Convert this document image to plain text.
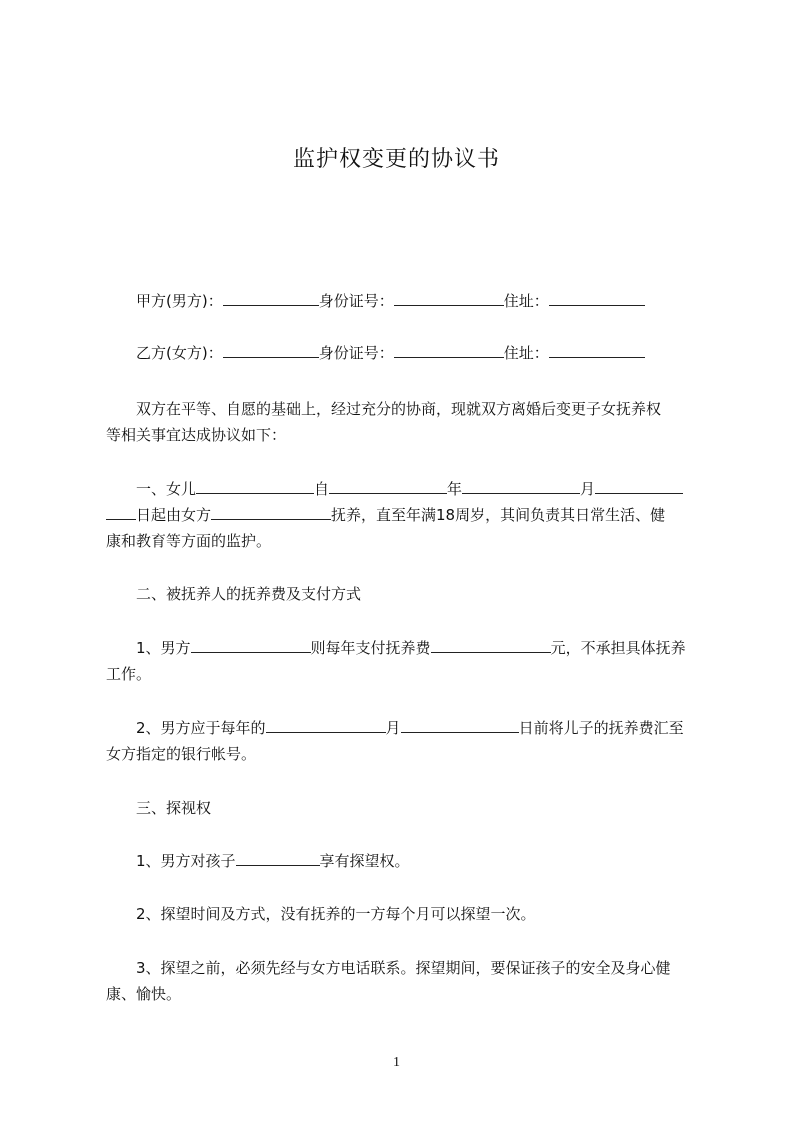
监护权变更的协议书
甲方(男方)：	身份证号：	住址：
乙方(女方)：	身份证号：	住址：
双方在平等、自愿的基础上，经过充分的协商，现就双方离婚后变更子女抚养权
等相关事宜达成协议如下：
一、女儿	自	年	月
日起由女方	抚养，直至年满18周岁，其间负责其日常生活、健
康和教育等方面的监护。
二、被抚养人的抚养费及支付方式
1、男方	则每年支付抚养费	元，不承担具体抚养
工作。
2、男方应于每年的	月	日前将儿子的抚养费汇至
女方指定的银行帐号。
三、探视权
1、男方对孩子	享有探望权。
2、探望时间及方式，没有抚养的一方每个月可以探望一次。
3、探望之前，必须先经与女方电话联系。探望期间，要保证孩子的安全及身心健
康、愉快。
1
